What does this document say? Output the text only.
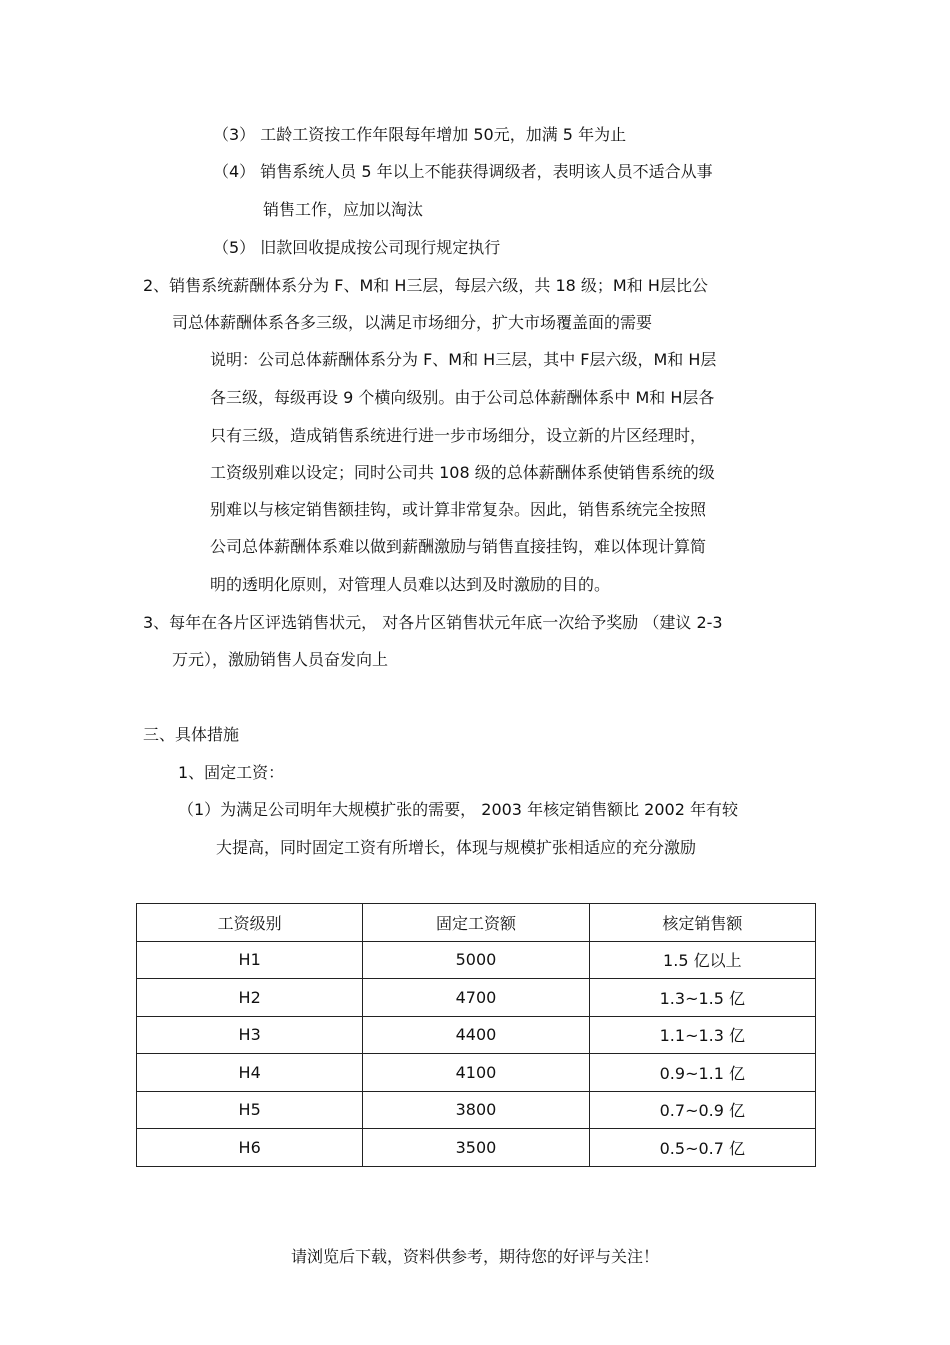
（3） 工龄工资按工作年限每年增加 50元，加满 5 年为止
（4） 销售系统人员 5 年以上不能获得调级者，表明该人员不适合从事
销售工作，应加以淘汰
（5） 旧款回收提成按公司现行规定执行
2、销售系统薪酬体系分为 F、M和 H三层，每层六级，共 18 级；M和 H层比公
司总体薪酬体系各多三级，以满足市场细分，扩大市场覆盖面的需要
说明：公司总体薪酬体系分为 F、M和 H三层，其中 F层六级，M和 H层
各三级，每级再设 9 个横向级别。由于公司总体薪酬体系中 M和 H层各
只有三级，造成销售系统进行进一步市场细分，设立新的片区经理时，
工资级别难以设定；同时公司共 108 级的总体薪酬体系使销售系统的级
别难以与核定销售额挂钩，或计算非常复杂。因此，销售系统完全按照
公司总体薪酬体系难以做到薪酬激励与销售直接挂钩，难以体现计算简
明的透明化原则，对管理人员难以达到及时激励的目的。
3、每年在各片区评选销售状元， 对各片区销售状元年底一次给予奖励 （建议 2-3
万元），激励销售人员奋发向上
三、具体措施
1、固定工资：
（1）为满足公司明年大规模扩张的需要， 2003 年核定销售额比 2002 年有较
大提高，同时固定工资有所增长，体现与规模扩张相适应的充分激励
工资级别	固定工资额	核定销售额
H1	5000	1.5 亿以上
H2	4700	1.3~1.5 亿
H3	4400	1.1~1.3 亿
H4	4100	0.9~1.1 亿
H5	3800	0.7~0.9 亿
H6	3500	0.5~0.7 亿
请浏览后下载，资料供参考，期待您的好评与关注！
